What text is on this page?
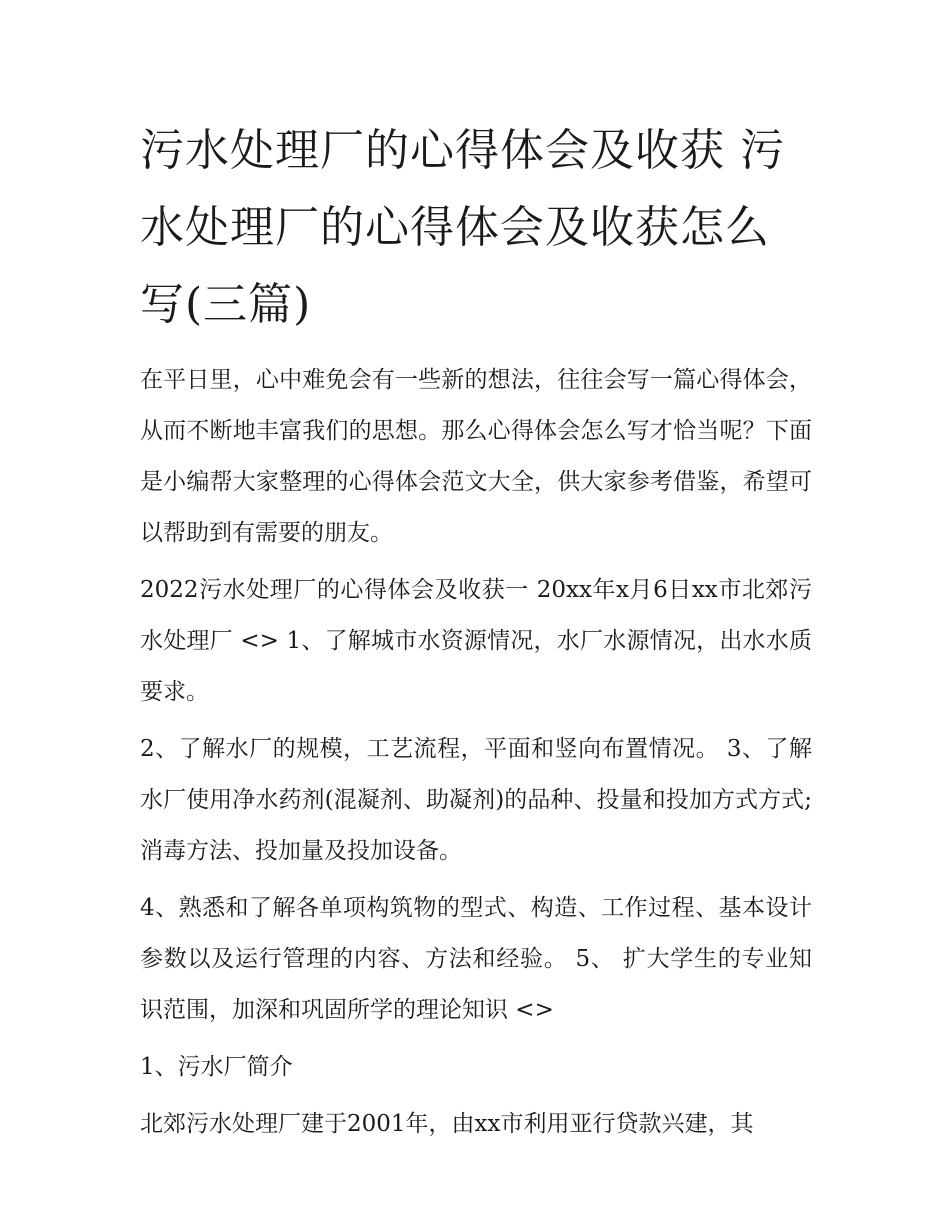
污水处理厂的心得体会及收获 污水处理厂的心得体会及收获怎么写(三篇)

在平日里，心中难免会有一些新的想法，往往会写一篇心得体会，从而不断地丰富我们的思想。那么心得体会怎么写才恰当呢？下面是小编帮大家整理的心得体会范文大全，供大家参考借鉴，希望可以帮助到有需要的朋友。

2022污水处理厂的心得体会及收获一 20xx年x月6日xx市北郊污水处理厂 <> 1、了解城市水资源情况，水厂水源情况，出水水质要求。

2、了解水厂的规模，工艺流程，平面和竖向布置情况。 3、了解水厂使用净水药剂(混凝剂、助凝剂)的品种、投量和投加方式方式;消毒方法、投加量及投加设备。

4、熟悉和了解各单项构筑物的型式、构造、工作过程、基本设计参数以及运行管理的内容、方法和经验。 5、 扩大学生的专业知识范围，加深和巩固所学的理论知识 <>

1、污水厂简介

北郊污水处理厂建于2001年，由xx市利用亚行贷款兴建，其
